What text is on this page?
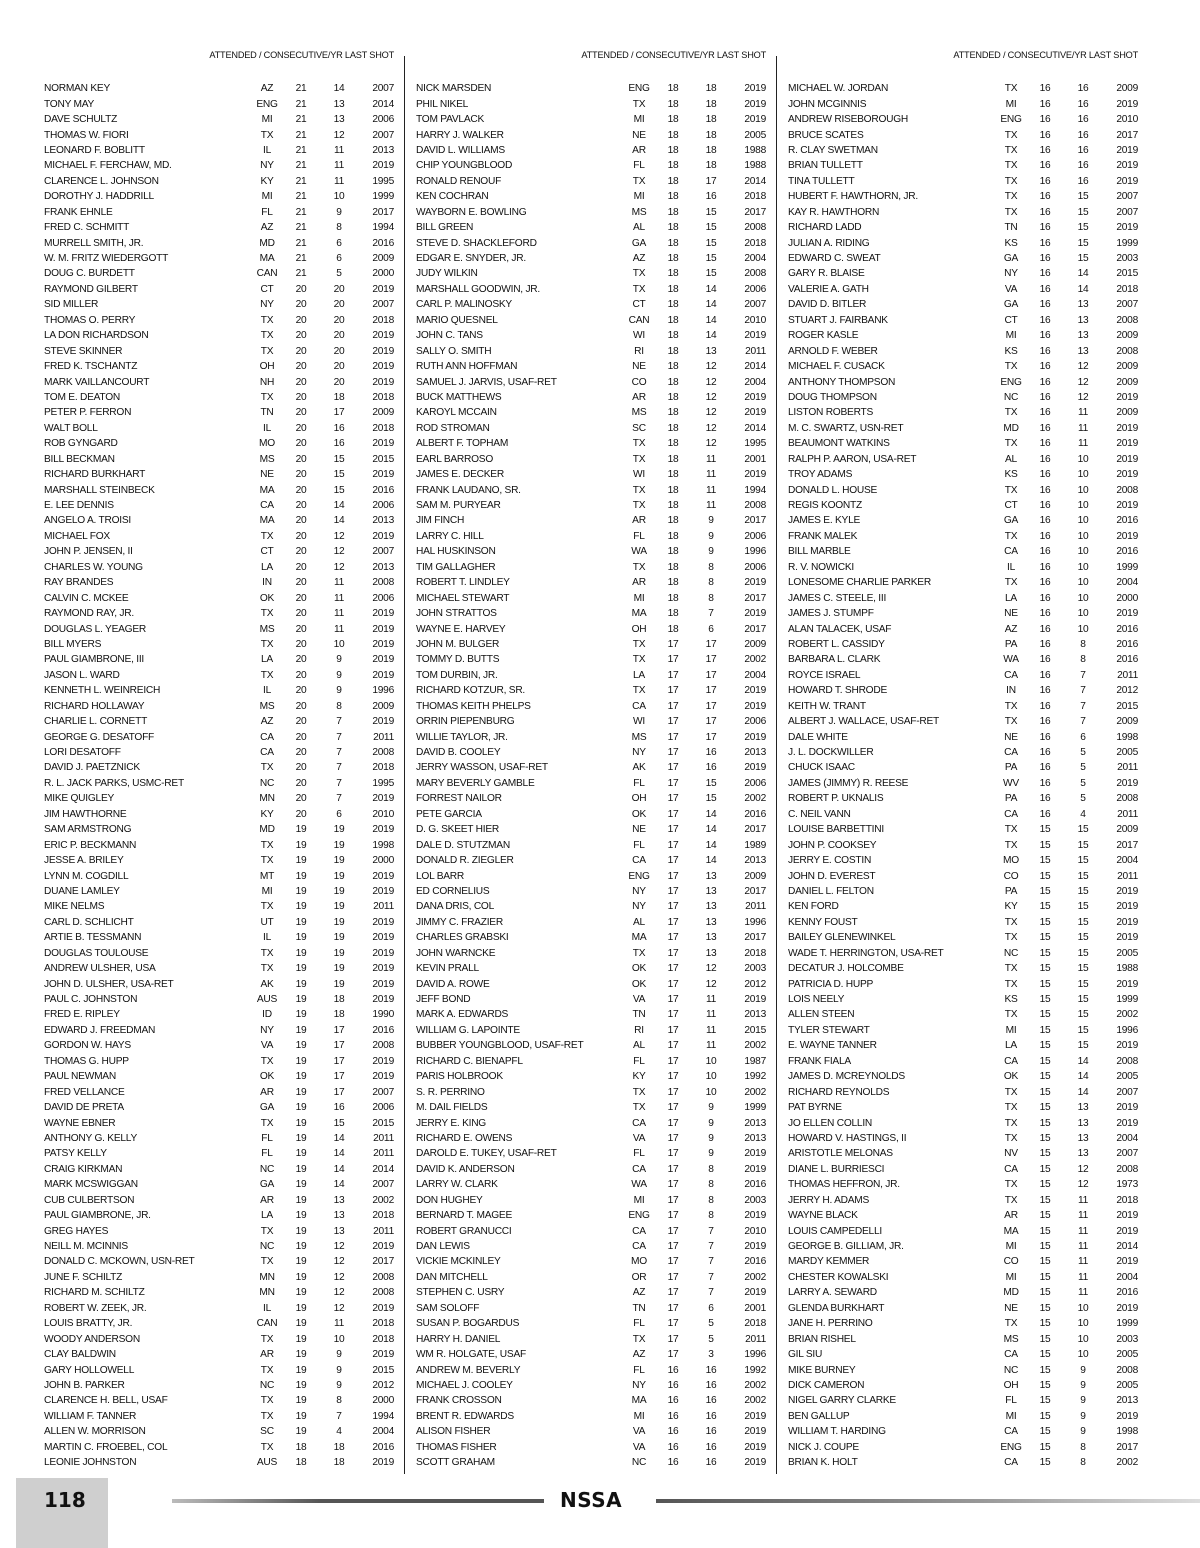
ATTENDED / CONSECUTIVE/YR LAST SHOT
NORMAN KEY	AZ	21	14	2007
TONY MAY	ENG	21	13	2014
DAVE SCHULTZ	MI	21	13	2006
THOMAS W. FIORI	TX	21	12	2007
LEONARD F. BOBLITT	IL	21	11	2013
MICHAEL F. FERCHAW, MD.	NY	21	11	2019
CLARENCE L. JOHNSON	KY	21	11	1995
DOROTHY J. HADDRILL	MI	21	10	1999
FRANK EHNLE	FL	21	9	2017
FRED C. SCHMITT	AZ	21	8	1994
MURRELL SMITH, JR.	MD	21	6	2016
W. M. FRITZ WIEDERGOTT	MA	21	6	2009
DOUG C. BURDETT	CAN	21	5	2000
RAYMOND GILBERT	CT	20	20	2019
SID MILLER	NY	20	20	2007
THOMAS O. PERRY	TX	20	20	2018
LA DON RICHARDSON	TX	20	20	2019
STEVE SKINNER	TX	20	20	2019
FRED K. TSCHANTZ	OH	20	20	2019
MARK VAILLANCOURT	NH	20	20	2019
TOM E. DEATON	TX	20	18	2018
PETER P. FERRON	TN	20	17	2009
WALT BOLL	IL	20	16	2018
ROB GYNGARD	MO	20	16	2019
BILL BECKMAN	MS	20	15	2015
RICHARD BURKHART	NE	20	15	2019
MARSHALL STEINBECK	MA	20	15	2016
E. LEE DENNIS	CA	20	14	2006
ANGELO A. TROISI	MA	20	14	2013
MICHAEL FOX	TX	20	12	2019
JOHN P. JENSEN, II	CT	20	12	2007
CHARLES W. YOUNG	LA	20	12	2013
RAY BRANDES	IN	20	11	2008
CALVIN C. MCKEE	OK	20	11	2006
RAYMOND RAY, JR.	TX	20	11	2019
DOUGLAS L. YEAGER	MS	20	11	2019
BILL MYERS	TX	20	10	2019
PAUL GIAMBRONE, III	LA	20	9	2019
JASON L. WARD	TX	20	9	2019
KENNETH L. WEINREICH	IL	20	9	1996
RICHARD HOLLAWAY	MS	20	8	2009
CHARLIE L. CORNETT	AZ	20	7	2019
GEORGE G. DESATOFF	CA	20	7	2011
LORI DESATOFF	CA	20	7	2008
DAVID J. PAETZNICK	TX	20	7	2018
R. L. JACK PARKS, USMC-RET	NC	20	7	1995
MIKE QUIGLEY	MN	20	7	2019
JIM HAWTHORNE	KY	20	6	2010
SAM ARMSTRONG	MD	19	19	2019
ERIC P. BECKMANN	TX	19	19	1998
JESSE A. BRILEY	TX	19	19	2000
LYNN M. COGDILL	MT	19	19	2019
DUANE LAMLEY	MI	19	19	2019
MIKE NELMS	TX	19	19	2011
CARL D. SCHLICHT	UT	19	19	2019
ARTIE B. TESSMANN	IL	19	19	2019
DOUGLAS TOULOUSE	TX	19	19	2019
ANDREW ULSHER, USA	TX	19	19	2019
JOHN D. ULSHER, USA-RET	AK	19	19	2019
PAUL C. JOHNSTON	AUS	19	18	2019
FRED E. RIPLEY	ID	19	18	1990
EDWARD J. FREEDMAN	NY	19	17	2016
GORDON W. HAYS	VA	19	17	2008
THOMAS G. HUPP	TX	19	17	2019
PAUL NEWMAN	OK	19	17	2019
FRED VELLANCE	AR	19	17	2007
DAVID DE PRETA	GA	19	16	2006
WAYNE EBNER	TX	19	15	2015
ANTHONY G. KELLY	FL	19	14	2011
PATSY KELLY	FL	19	14	2011
CRAIG KIRKMAN	NC	19	14	2014
MARK MCSWIGGAN	GA	19	14	2007
CUB CULBERTSON	AR	19	13	2002
PAUL GIAMBRONE, JR.	LA	19	13	2018
GREG HAYES	TX	19	13	2011
NEILL M. MCINNIS	NC	19	12	2019
DONALD C. MCKOWN, USN-RET	TX	19	12	2017
JUNE F. SCHILTZ	MN	19	12	2008
RICHARD M. SCHILTZ	MN	19	12	2008
ROBERT W. ZEEK, JR.	IL	19	12	2019
LOUIS BRATTY, JR.	CAN	19	11	2018
WOODY ANDERSON	TX	19	10	2018
CLAY BALDWIN	AR	19	9	2019
GARY HOLLOWELL	TX	19	9	2015
JOHN B. PARKER	NC	19	9	2012
CLARENCE H. BELL, USAF	TX	19	8	2000
WILLIAM F. TANNER	TX	19	7	1994
ALLEN W. MORRISON	SC	19	4	2004
MARTIN C. FROEBEL, COL	TX	18	18	2016
LEONIE JOHNSTON	AUS	18	18	2019
ATTENDED / CONSECUTIVE/YR LAST SHOT
NICK MARSDEN	ENG	18	18	2019
PHIL NIKEL	TX	18	18	2019
TOM PAVLACK	MI	18	18	2019
HARRY J. WALKER	NE	18	18	2005
DAVID L. WILLIAMS	AR	18	18	1988
CHIP YOUNGBLOOD	FL	18	18	1988
RONALD RENOUF	TX	18	17	2014
KEN COCHRAN	MI	18	16	2018
WAYBORN E. BOWLING	MS	18	15	2017
BILL GREEN	AL	18	15	2008
STEVE D. SHACKLEFORD	GA	18	15	2018
EDGAR E. SNYDER, JR.	AZ	18	15	2004
JUDY WILKIN	TX	18	15	2008
MARSHALL GOODWIN, JR.	TX	18	14	2006
CARL P. MALINOSKY	CT	18	14	2007
MARIO QUESNEL	CAN	18	14	2010
JOHN C. TANS	WI	18	14	2019
SALLY O. SMITH	RI	18	13	2011
RUTH ANN HOFFMAN	NE	18	12	2014
SAMUEL J. JARVIS, USAF-RET	CO	18	12	2004
BUCK MATTHEWS	AR	18	12	2019
KAROYL MCCAIN	MS	18	12	2019
ROD STROMAN	SC	18	12	2014
ALBERT F. TOPHAM	TX	18	12	1995
EARL BARROSO	TX	18	11	2001
JAMES E. DECKER	WI	18	11	2019
FRANK LAUDANO, SR.	TX	18	11	1994
SAM M. PURYEAR	TX	18	11	2008
JIM FINCH	AR	18	9	2017
LARRY C. HILL	FL	18	9	2006
HAL HUSKINSON	WA	18	9	1996
TIM GALLAGHER	TX	18	8	2006
ROBERT T. LINDLEY	AR	18	8	2019
MICHAEL STEWART	MI	18	8	2017
JOHN STRATTOS	MA	18	7	2019
WAYNE E. HARVEY	OH	18	6	2017
JOHN M. BULGER	TX	17	17	2009
TOMMY D. BUTTS	TX	17	17	2002
TOM DURBIN, JR.	LA	17	17	2004
RICHARD KOTZUR, SR.	TX	17	17	2019
THOMAS KEITH PHELPS	CA	17	17	2019
ORRIN PIEPENBURG	WI	17	17	2006
WILLIE TAYLOR, JR.	MS	17	17	2019
DAVID B. COOLEY	NY	17	16	2013
JERRY WASSON, USAF-RET	AK	17	16	2019
MARY BEVERLY GAMBLE	FL	17	15	2006
FORREST NAILOR	OH	17	15	2002
PETE GARCIA	OK	17	14	2016
D. G. SKEET HIER	NE	17	14	2017
DALE D. STUTZMAN	FL	17	14	1989
DONALD R. ZIEGLER	CA	17	14	2013
LOL BARR	ENG	17	13	2009
ED CORNELIUS	NY	17	13	2017
DANA DRIS, COL	NY	17	13	2011
JIMMY C. FRAZIER	AL	17	13	1996
CHARLES GRABSKI	MA	17	13	2017
JOHN WARNCKE	TX	17	13	2018
KEVIN PRALL	OK	17	12	2003
DAVID A. ROWE	OK	17	12	2012
JEFF BOND	VA	17	11	2019
MARK A. EDWARDS	TN	17	11	2013
WILLIAM G. LAPOINTE	RI	17	11	2015
BUBBER YOUNGBLOOD, USAF-RET	AL	17	11	2002
RICHARD C. BIENAPFL	FL	17	10	1987
PARIS HOLBROOK	KY	17	10	1992
S. R. PERRINO	TX	17	10	2002
M. DAIL FIELDS	TX	17	9	1999
JERRY E. KING	CA	17	9	2013
RICHARD E. OWENS	VA	17	9	2013
DAROLD E. TUKEY, USAF-RET	FL	17	9	2019
DAVID K. ANDERSON	CA	17	8	2019
LARRY W. CLARK	WA	17	8	2016
DON HUGHEY	MI	17	8	2003
BERNARD T. MAGEE	ENG	17	8	2019
ROBERT GRANUCCI	CA	17	7	2010
DAN LEWIS	CA	17	7	2019
VICKIE MCKINLEY	MO	17	7	2016
DAN MITCHELL	OR	17	7	2002
STEPHEN C. USRY	AZ	17	7	2019
SAM SOLOFF	TN	17	6	2001
SUSAN P. BOGARDUS	FL	17	5	2018
HARRY H. DANIEL	TX	17	5	2011
WM R. HOLGATE, USAF	AZ	17	3	1996
ANDREW M. BEVERLY	FL	16	16	1992
MICHAEL J. COOLEY	NY	16	16	2002
FRANK CROSSON	MA	16	16	2002
BRENT R. EDWARDS	MI	16	16	2019
ALISON FISHER	VA	16	16	2019
THOMAS FISHER	VA	16	16	2019
SCOTT GRAHAM	NC	16	16	2019
ATTENDED / CONSECUTIVE/YR LAST SHOT
MICHAEL W. JORDAN	TX	16	16	2009
JOHN MCGINNIS	MI	16	16	2019
ANDREW RISEBOROUGH	ENG	16	16	2010
BRUCE SCATES	TX	16	16	2017
R. CLAY SWETMAN	TX	16	16	2019
BRIAN TULLETT	TX	16	16	2019
TINA TULLETT	TX	16	16	2019
HUBERT F. HAWTHORN, JR.	TX	16	15	2007
KAY R. HAWTHORN	TX	16	15	2007
RICHARD LADD	TN	16	15	2019
JULIAN A. RIDING	KS	16	15	1999
EDWARD C. SWEAT	GA	16	15	2003
GARY R. BLAISE	NY	16	14	2015
VALERIE A. GATH	VA	16	14	2018
DAVID D. BITLER	GA	16	13	2007
STUART J. FAIRBANK	CT	16	13	2008
ROGER KASLE	MI	16	13	2009
ARNOLD F. WEBER	KS	16	13	2008
MICHAEL F. CUSACK	TX	16	12	2009
ANTHONY THOMPSON	ENG	16	12	2009
DOUG THOMPSON	NC	16	12	2019
LISTON ROBERTS	TX	16	11	2009
M. C. SWARTZ, USN-RET	MD	16	11	2019
BEAUMONT WATKINS	TX	16	11	2019
RALPH P. AARON, USA-RET	AL	16	10	2019
TROY ADAMS	KS	16	10	2019
DONALD L. HOUSE	TX	16	10	2008
REGIS KOONTZ	CT	16	10	2019
JAMES E. KYLE	GA	16	10	2016
FRANK MALEK	TX	16	10	2019
BILL MARBLE	CA	16	10	2016
R. V. NOWICKI	IL	16	10	1999
LONESOME CHARLIE PARKER	TX	16	10	2004
JAMES C. STEELE, III	LA	16	10	2000
JAMES J. STUMPF	NE	16	10	2019
ALAN TALACEK, USAF	AZ	16	10	2016
ROBERT L. CASSIDY	PA	16	8	2016
BARBARA L. CLARK	WA	16	8	2016
ROYCE ISRAEL	CA	16	7	2011
HOWARD T. SHRODE	IN	16	7	2012
KEITH W. TRANT	TX	16	7	2015
ALBERT J. WALLACE, USAF-RET	TX	16	7	2009
DALE WHITE	NE	16	6	1998
J. L. DOCKWILLER	CA	16	5	2005
CHUCK ISAAC	PA	16	5	2011
JAMES (JIMMY) R. REESE	WV	16	5	2019
ROBERT P. UKNALIS	PA	16	5	2008
C. NEIL VANN	CA	16	4	2011
LOUISE BARBETTINI	TX	15	15	2009
JOHN P. COOKSEY	TX	15	15	2017
JERRY E. COSTIN	MO	15	15	2004
JOHN D. EVEREST	CO	15	15	2011
DANIEL L. FELTON	PA	15	15	2019
KEN FORD	KY	15	15	2019
KENNY FOUST	TX	15	15	2019
BAILEY GLENEWINKEL	TX	15	15	2019
WADE T. HERRINGTON, USA-RET	NC	15	15	2005
DECATUR J. HOLCOMBE	TX	15	15	1988
PATRICIA D. HUPP	TX	15	15	2019
LOIS NEELY	KS	15	15	1999
ALLEN STEEN	TX	15	15	2002
TYLER STEWART	MI	15	15	1996
E. WAYNE TANNER	LA	15	15	2019
FRANK FIALA	CA	15	14	2008
JAMES D. MCREYNOLDS	OK	15	14	2005
RICHARD REYNOLDS	TX	15	14	2007
PAT BYRNE	TX	15	13	2019
JO ELLEN COLLIN	TX	15	13	2019
HOWARD V. HASTINGS, II	TX	15	13	2004
ARISTOTLE MELONAS	NV	15	13	2007
DIANE L. BURRIESCI	CA	15	12	2008
THOMAS HEFFRON, JR.	TX	15	12	1973
JERRY H. ADAMS	TX	15	11	2018
WAYNE BLACK	AR	15	11	2019
LOUIS CAMPEDELLI	MA	15	11	2019
GEORGE B. GILLIAM, JR.	MI	15	11	2014
MARDY KEMMER	CO	15	11	2019
CHESTER KOWALSKI	MI	15	11	2004
LARRY A. SEWARD	MD	15	11	2016
GLENDA BURKHART	NE	15	10	2019
JANE H. PERRINO	TX	15	10	1999
BRIAN RISHEL	MS	15	10	2003
GIL SIU	CA	15	10	2005
MIKE BURNEY	NC	15	9	2008
DICK CAMERON	OH	15	9	2005
NIGEL GARRY CLARKE	FL	15	9	2013
BEN GALLUP	MI	15	9	2019
WILLIAM T. HARDING	CA	15	9	1998
NICK J. COUPE	ENG	15	8	2017
BRIAN K. HOLT	CA	15	8	2002
118	NSSA
